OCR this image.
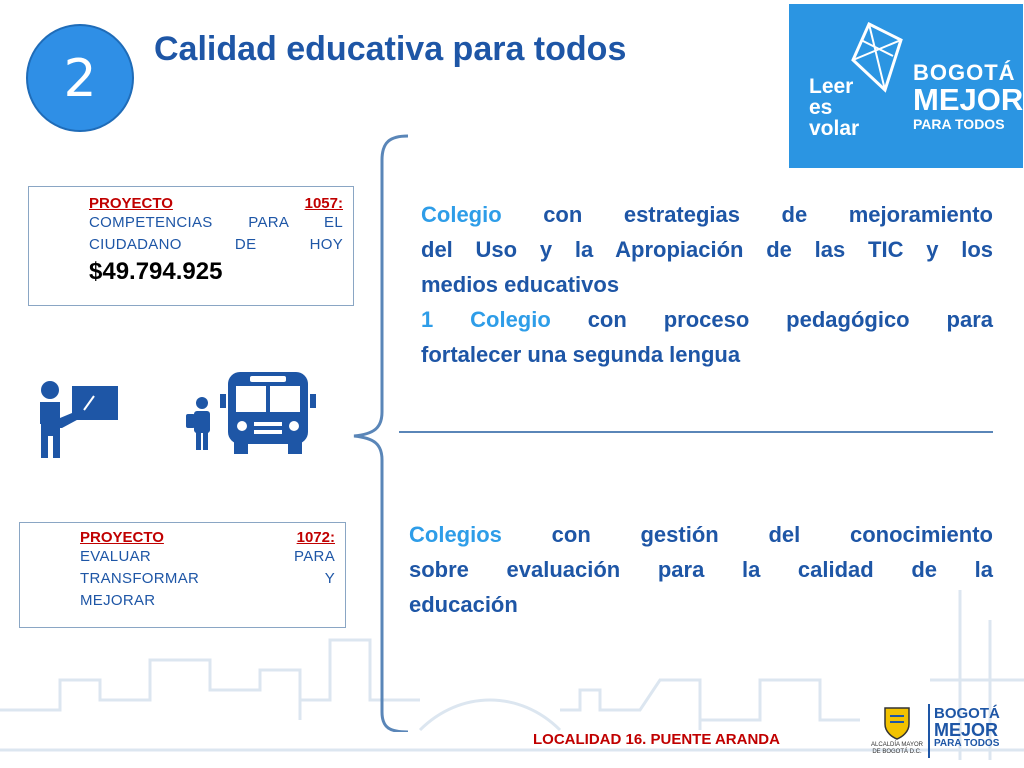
2	Calidad educativa para todos
Leer
es
volar
BOGOTÁ
MEJOR
PARA TODOS
PROYECTO	1057:
COMPETENCIAS PARA EL
CIUDADANO DE HOY
$49.794.925
PROYECTO	1072:
EVALUAR PARA
TRANSFORMAR Y
MEJORAR
Colegio con estrategias de mejoramiento
del Uso y la Apropiación de las TIC y los
medios educativos
1 Colegio con proceso pedagógico para
fortalecer una segunda lengua
Colegios con gestión del conocimiento
sobre evaluación para la calidad de la
educación
LOCALIDAD 16. PUENTE ARANDA	ALCALDÍA MAYOR DE BOGOTÁ D.C.
BOGOTÁ
MEJOR
PARA TODOS
